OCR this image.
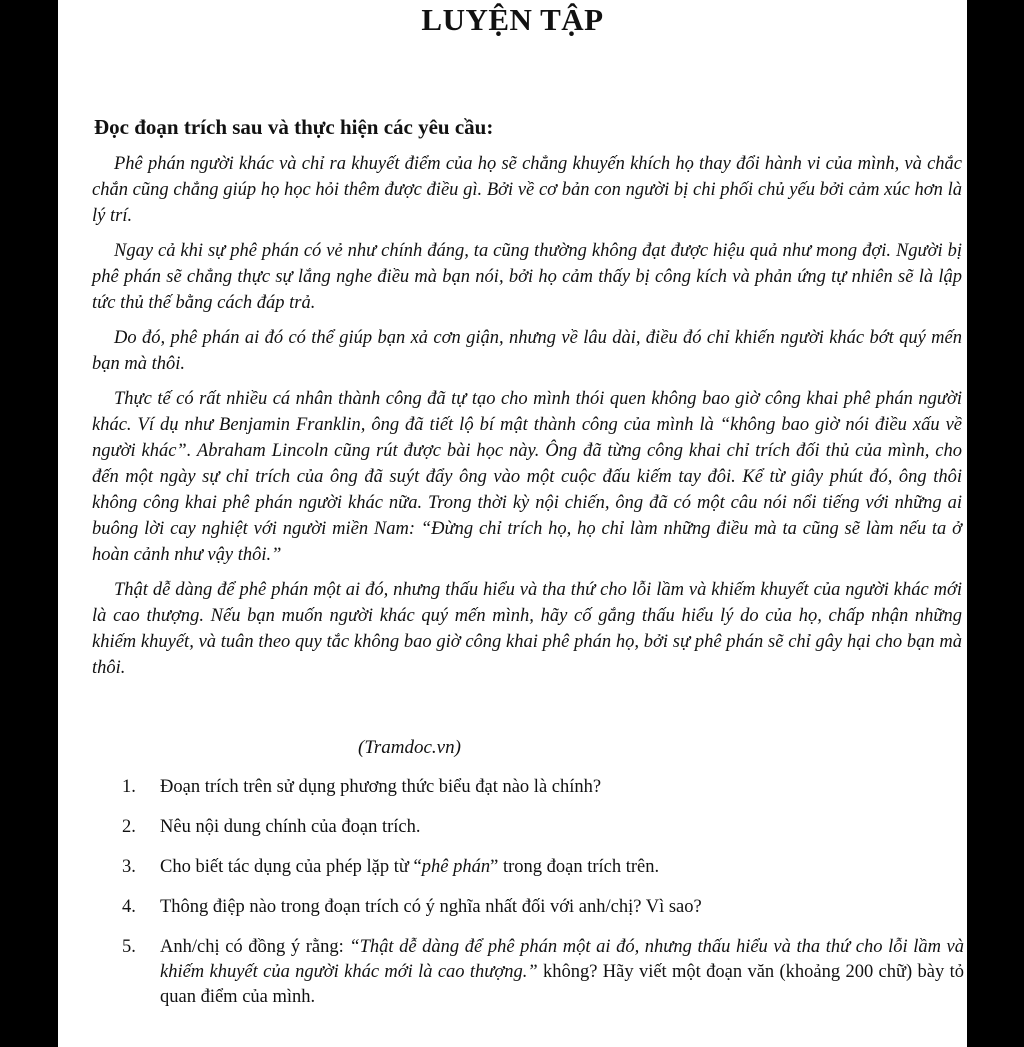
LUYỆN TẬP
Đọc đoạn trích sau và thực hiện các yêu cầu:

Phê phán người khác và chỉ ra khuyết điểm của họ sẽ chẳng khuyến khích họ thay đổi hành vi của mình, và chắc chắn cũng chẳng giúp họ học hỏi thêm được điều gì. Bởi về cơ bản con người bị chi phối chủ yếu bởi cảm xúc hơn là lý trí.

Ngay cả khi sự phê phán có vẻ như chính đáng, ta cũng thường không đạt được hiệu quả như mong đợi. Người bị phê phán sẽ chẳng thực sự lắng nghe điều mà bạn nói, bởi họ cảm thấy bị công kích và phản ứng tự nhiên sẽ là lập tức thủ thế bằng cách đáp trả.

Do đó, phê phán ai đó có thể giúp bạn xả cơn giận, nhưng về lâu dài, điều đó chỉ khiến người khác bớt quý mến bạn mà thôi.

Thực tế có rất nhiều cá nhân thành công đã tự tạo cho mình thói quen không bao giờ công khai phê phán người khác. Ví dụ như Benjamin Franklin, ông đã tiết lộ bí mật thành công của mình là “không bao giờ nói điều xấu về người khác”. Abraham Lincoln cũng rút được bài học này. Ông đã từng công khai chỉ trích đối thủ của mình, cho đến một ngày sự chỉ trích của ông đã suýt đẩy ông vào một cuộc đấu kiếm tay đôi. Kể từ giây phút đó, ông thôi không công khai phê phán người khác nữa. Trong thời kỳ nội chiến, ông đã có một câu nói nổi tiếng với những ai buông lời cay nghiệt với người miền Nam: “Đừng chỉ trích họ, họ chỉ làm những điều mà ta cũng sẽ làm nếu ta ở hoàn cảnh như vậy thôi.”

Thật dễ dàng để phê phán một ai đó, nhưng thấu hiểu và tha thứ cho lỗi lầm và khiếm khuyết của người khác mới là cao thượng. Nếu bạn muốn người khác quý mến mình, hãy cố gắng thấu hiểu lý do của họ, chấp nhận những khiếm khuyết, và tuân theo quy tắc không bao giờ công khai phê phán họ, bởi sự phê phán sẽ chỉ gây hại cho bạn mà thôi.

(Tramdoc.vn)
1.	Đoạn trích trên sử dụng phương thức biểu đạt nào là chính?
2.	Nêu nội dung chính của đoạn trích.
3.	Cho biết tác dụng của phép lặp từ “phê phán” trong đoạn trích trên.
4.	Thông điệp nào trong đoạn trích có ý nghĩa nhất đối với anh/chị? Vì sao?
5.	Anh/chị có đồng ý rằng: “Thật dễ dàng để phê phán một ai đó, nhưng thấu hiểu và tha thứ cho lỗi lầm và khiếm khuyết của người khác mới là cao thượng.” không? Hãy viết một đoạn văn (khoảng 200 chữ) bày tỏ quan điểm của mình.
